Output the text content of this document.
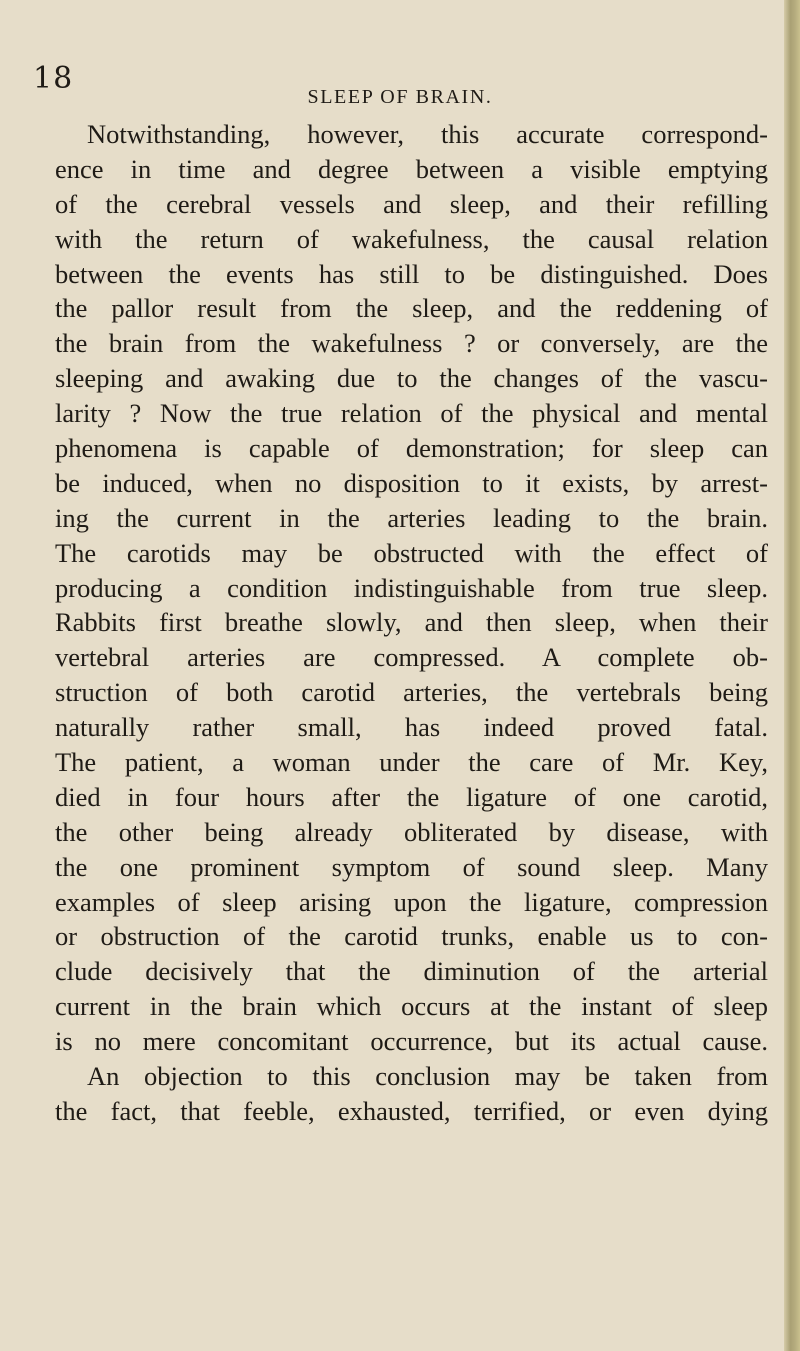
18
SLEEP OF BRAIN.
Notwithstanding, however, this accurate correspond-
ence in time and degree between a visible emptying
of the cerebral vessels and sleep, and their refilling
with the return of wakefulness, the causal relation
between the events has still to be distinguished. Does
the pallor result from the sleep, and the reddening of
the brain from the wakefulness ? or conversely, are the
sleeping and awaking due to the changes of the vascu-
larity ? Now the true relation of the physical and mental
phenomena is capable of demonstration; for sleep can
be induced, when no disposition to it exists, by arrest-
ing the current in the arteries leading to the brain.
The carotids may be obstructed with the effect of
producing a condition indistinguishable from true sleep.
Rabbits first breathe slowly, and then sleep, when their
vertebral arteries are compressed. A complete ob-
struction of both carotid arteries, the vertebrals being
naturally rather small, has indeed proved fatal.
The patient, a woman under the care of Mr. Key,
died in four hours after the ligature of one carotid,
the other being already obliterated by disease, with
the one prominent symptom of sound sleep. Many
examples of sleep arising upon the ligature, compression
or obstruction of the carotid trunks, enable us to con-
clude decisively that the diminution of the arterial
current in the brain which occurs at the instant of sleep
is no mere concomitant occurrence, but its actual cause.
An objection to this conclusion may be taken from
the fact, that feeble, exhausted, terrified, or even dying
